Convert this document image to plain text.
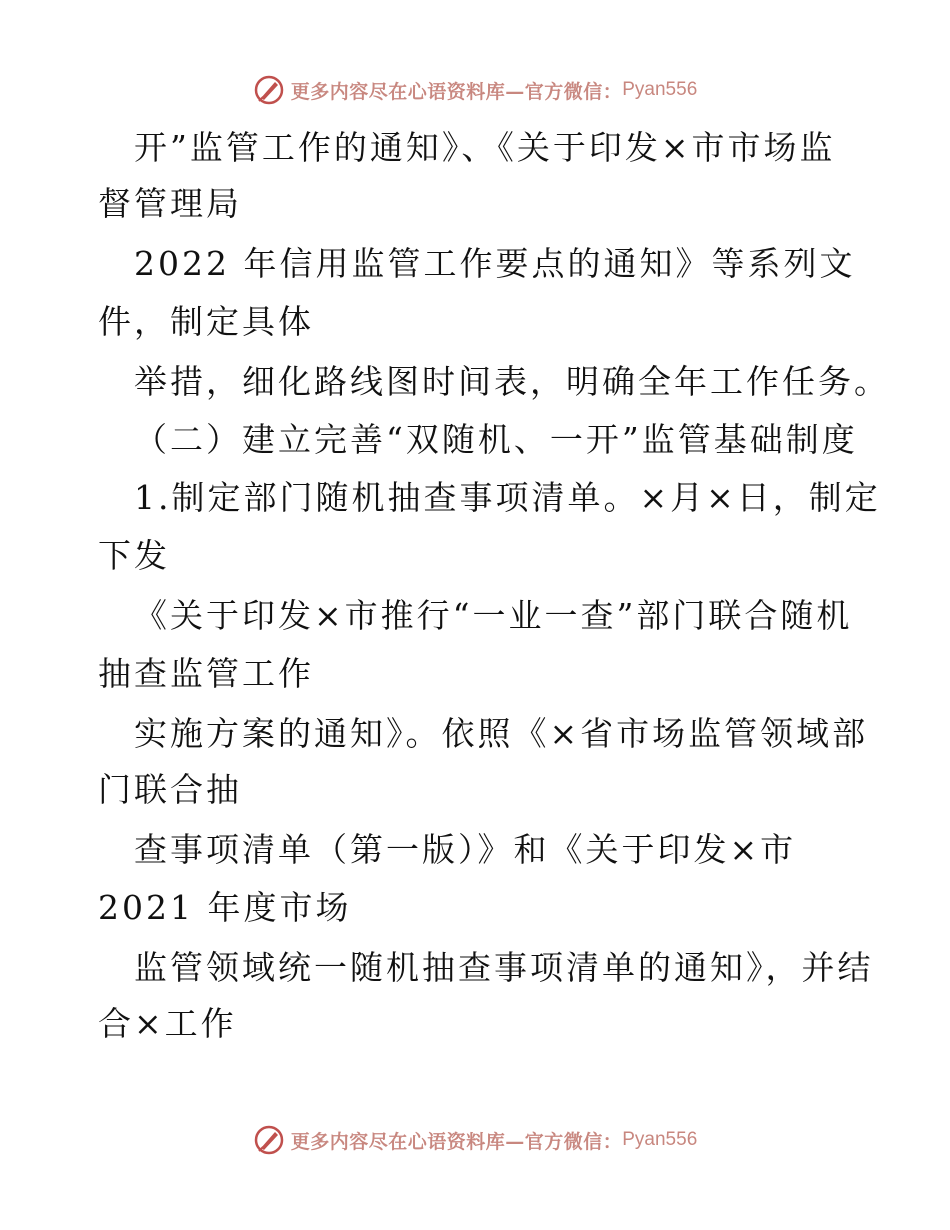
更多内容尽在心语资料库—官方微信： Pyan556
开”监管工作的通知》、《关于印发×市市场监
督管理局
2022 年信用监管工作要点的通知》等系列文
件，制定具体
举措，细化路线图时间表，明确全年工作任务。
（二）建立完善“双随机、一开”监管基础制度
1.制定部门随机抽查事项清单。×月×日，制定
下发
《关于印发×市推行“一业一查”部门联合随机
抽查监管工作
实施方案的通知》。依照《×省市场监管领域部
门联合抽
查事项清单（第一版）》和《关于印发×市
2021 年度市场
监管领域统一随机抽查事项清单的通知》，并结
合×工作
更多内容尽在心语资料库—官方微信： Pyan556
